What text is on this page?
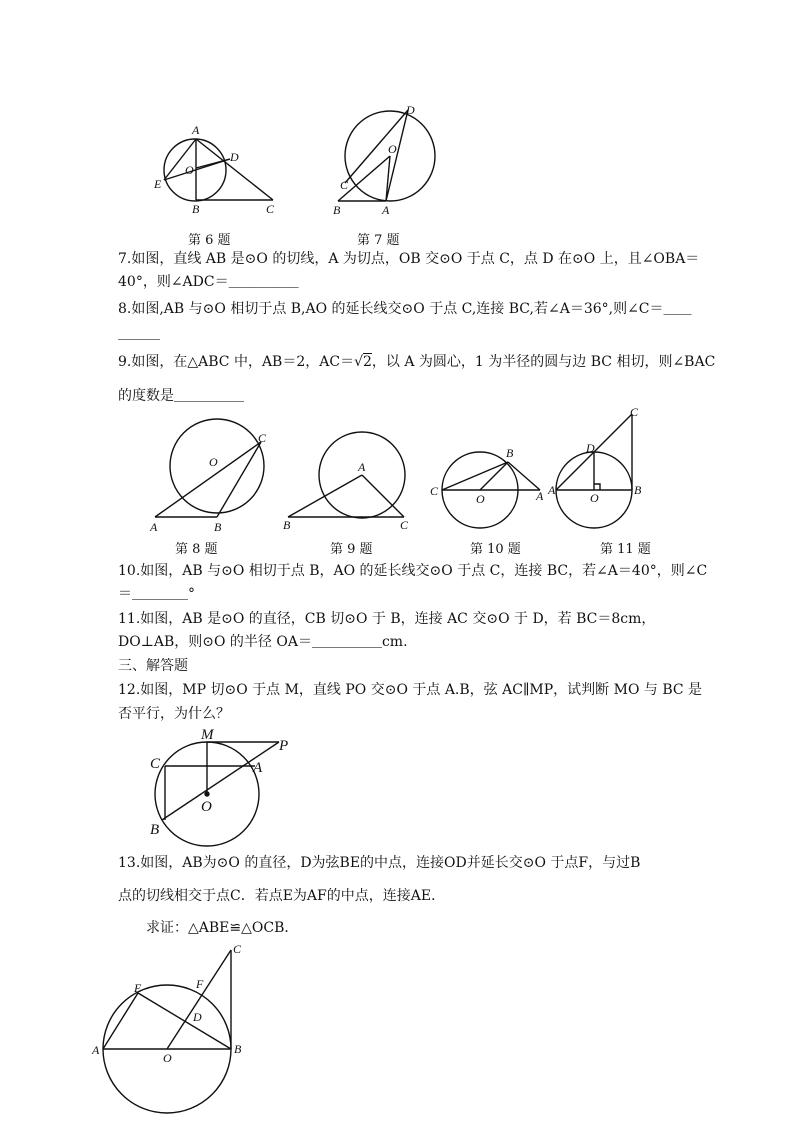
A
D
O
E
B	C
第 6 题
D
O
C
B	A
第 7 题
7.如图，直线 AB 是⊙O 的切线，A 为切点，OB 交⊙O 于点 C，点 D 在⊙O 上，且∠OBA＝
40°，则∠ADC＝＿＿＿＿＿
8.如图,AB 与⊙O 相切于点 B,AO 的延长线交⊙O 于点 C,连接 BC,若∠A＝36°,则∠C＝＿＿
＿＿＿
9.如图，在△ABC 中，AB＝2，AC＝√2，以 A 为圆心，1 为半径的圆与边 BC 相切，则∠BAC
的度数是＿＿＿＿＿
O
C
A	B
第 8 题
A
B	C
第 9 题
B
C
O	A
第 10 题
C
D
A
O
B
第 11 题
10.如图，AB 与⊙O 相切于点 B，AO 的延长线交⊙O 于点 C，连接 BC，若∠A＝40°，则∠C
＝＿＿＿＿°
11.如图，AB 是⊙O 的直径，CB 切⊙O 于 B，连接 AC 交⊙O 于 D，若 BC＝8cm，
DO⊥AB，则⊙O 的半径 OA＝＿＿＿＿＿cm.
三、解答题
12.如图，MP 切⊙O 于点 M，直线 PO 交⊙O 于点 A.B，弦 AC∥MP，试判断 MO 与 BC 是
否平行，为什么？
M
P
C	A
O
B
13.如图，AB为⊙O 的直径，D为弦BE的中点，连接OD并延长交⊙O 于点F，与过B
点的切线相交于点C．若点E为AF的中点，连接AE．
求证：△ABE≌△OCB．
C
E	F
D
A
O
B
